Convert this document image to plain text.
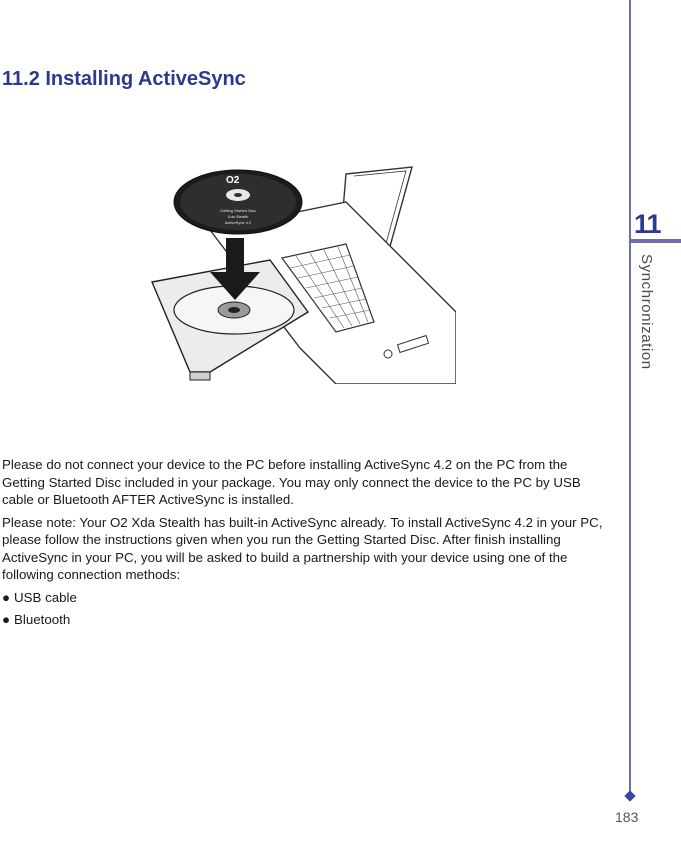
11.2 Installing ActiveSync
O2
Getting Started Disc
Xda Stealth
ActiveSync 4.2

Please do not connect your device to the PC before installing ActiveSync 4.2 on the PC from the Getting Started Disc included in your package. You may only connect the device to the PC by USB cable or Bluetooth AFTER ActiveSync is installed.

Please note: Your O2 Xda Stealth has built-in ActiveSync already. To install ActiveSync 4.2 in your PC, please follow the instructions given when you run the Getting Started Disc. After finish installing ActiveSync in your PC, you will be asked to build a partnership with your device using one of the following connection methods:

● USB cable
● Bluetooth
11
Synchronization
183
